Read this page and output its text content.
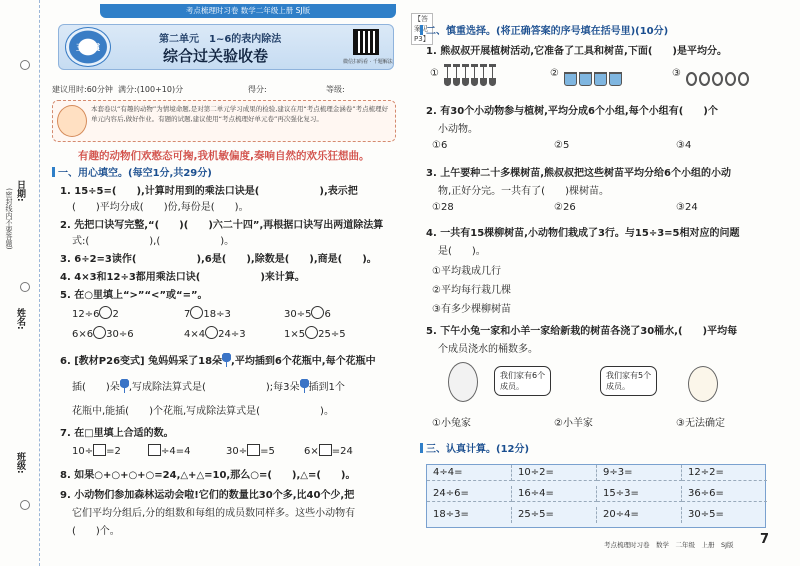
日期:
(密封线内不要答题)
姓名:
班级:
考点梳理时习卷 数学二年级上册 SJ版
王朝霞
第二单元　1~6的表内除法
综合过关验收卷	微信扫码看 · 千题解法
【答案见P3】
建议用时:60分钟 满分:(100+10)分	得分:	等级:

本套卷以“有趣的动物”为情境命题,是对第二单元学习成果的检验,建议在用“考点梳理金涵卷”考点梳理好单元内容后,做好作业。有题的试题,建议使用“考点梳理好单元卷”再次强化复习。

有趣的动物们欢憨态可掬,我机敏偏度,奏响自然的欢乐狂想曲。
一、用心填空。(每空1分,共29分)
1. 15÷5=(　　),计算时用到的乘法口诀是(　　　　　　),表示把
(　　)平均分成(　　)份,每份是(　　)。
2. 先把口诀写完整,“(　　)(　　)六二十四”,再根据口诀写出两道除法算
式:(　　　　　　),(　　　　　　)。
3. 6÷2=3读作(　　　　　　),6是(　　),除数是(　　),商是(　　)。
4. 4×3和12÷3都用乘法口诀(　　　　　　)来计算。
5. 在○里填上“>”“<”或“=”。
12÷6 2	7 18÷3	30÷5 6
6×6 30÷6	4×4 24÷3	1×5 25÷5
6. [教材P26变式] 兔妈妈采了18朵 ,平均插到6个花瓶中,每个花瓶中
插(　　)朵 ,写成除法算式是(　　　　　　);每3朵 插到1个
花瓶中,能插(　　)个花瓶,写成除法算式是(　　　　　　)。
7. 在□里填上合适的数。
10÷ =2	÷4=4	30÷ =5	6× =24
8. 如果○+○+○+○=24,△+△=10,那么○=(　　),△=(　　)。
9. 小动物们参加森林运动会啦!它们的数量比30个多,比40个少,把
它们平均分组后,分的组数和每组的成员数同样多。这些小动物有
(　　)个。
二、慎重选择。(将正确答案的序号填在括号里)(10分)
1. 熊叔叔开展植树活动,它准备了工具和树苗,下面(　　)是平均分。
①	②	③
2. 有30个小动物参与植树,平均分成6个小组,每个小组有(　　)个
小动物。
①6	②5	③4
3. 上午要种二十多棵树苗,熊叔叔把这些树苗平均分给6个小组的小动
物,正好分完。一共有了(　　)棵树苗。
①28	②26	③24
4. 一共有15棵柳树苗,小动物们栽成了3行。与15÷3=5相对应的问题
是(　　)。
①平均栽成几行
②平均每行栽几棵
③有多少棵柳树苗
5. 下午小兔一家和小羊一家给新栽的树苗各浇了30桶水,(　　)平均每
个成员浇水的桶数多。
我们家有6个
成员。
我们家有5个
成员。
①小兔家	②小羊家	③无法确定
三、认真计算。(12分)
4÷4=	10÷2=	9÷3=	12÷2=
24÷6=	16÷4=	15÷3=	36÷6=
18÷3=	25÷5=	20÷4=	30÷5=
考点梳理时习卷　数学　二年级　上册　SJ版 7
